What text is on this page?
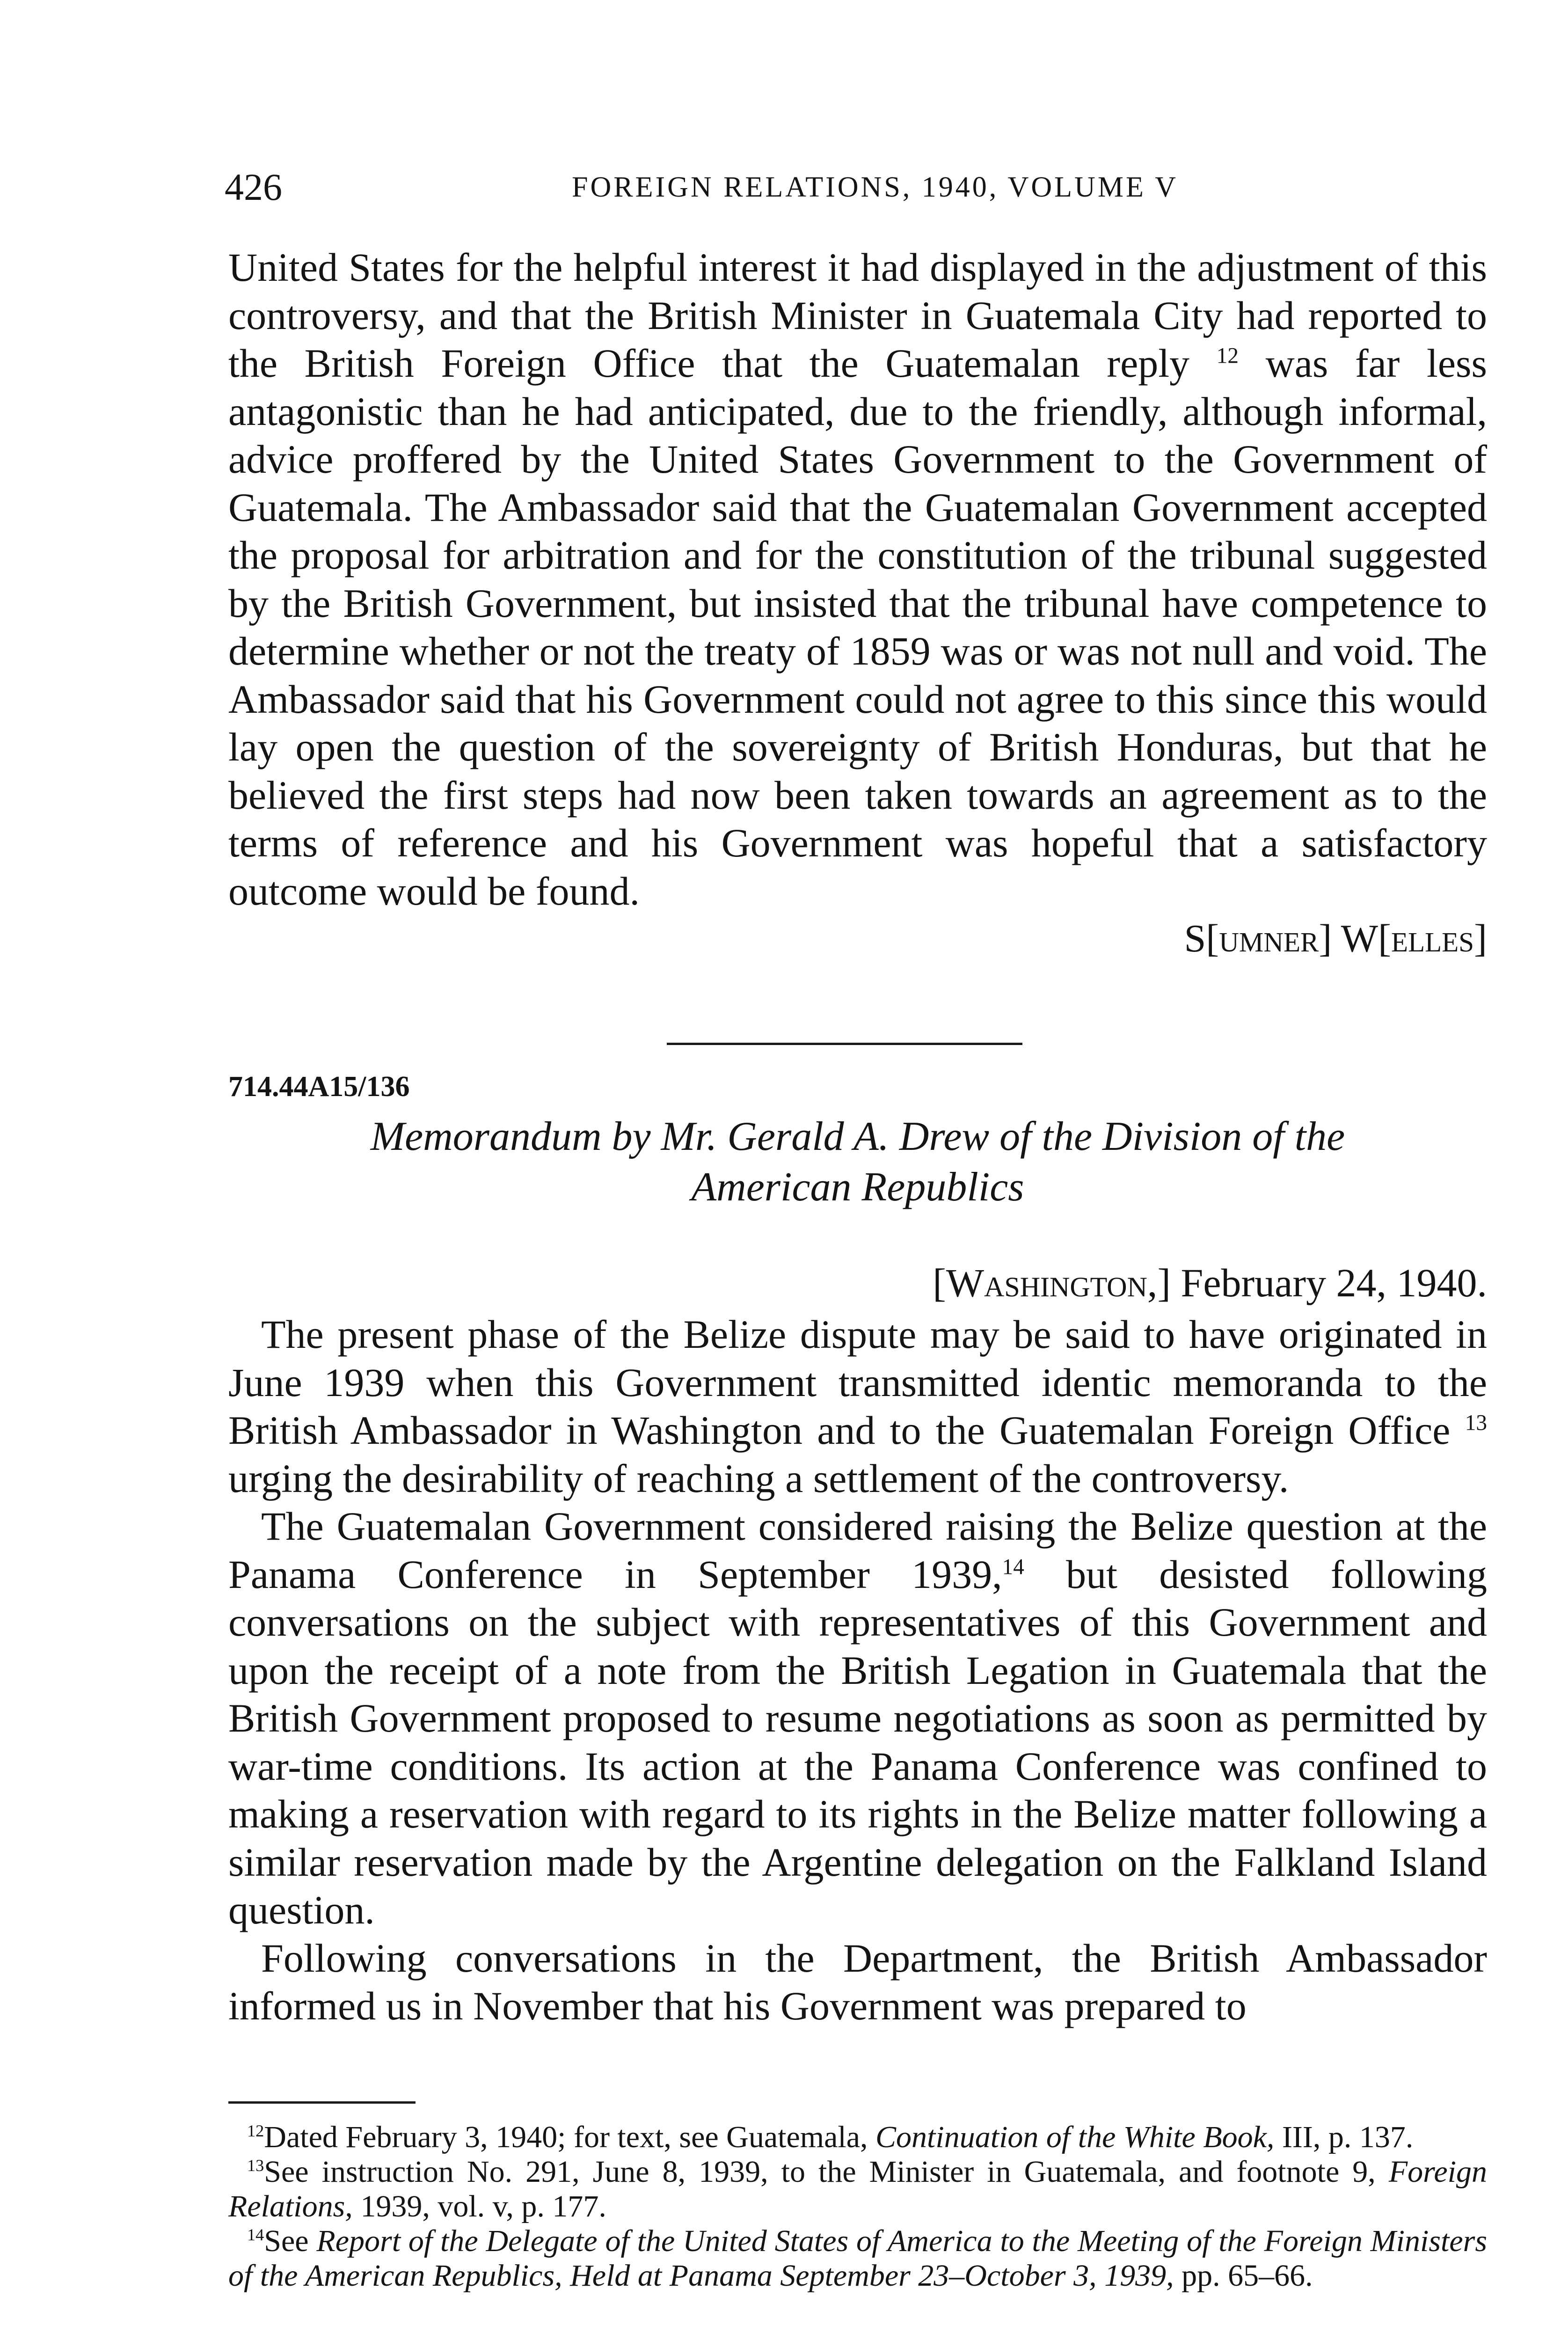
426	FOREIGN RELATIONS, 1940, VOLUME V

United States for the helpful interest it had displayed in the adjustment of this controversy, and that the British Minister in Guatemala City had reported to the British Foreign Office that the Guatemalan reply $^{12}$ was far less antagonistic than he had anticipated, due to the friendly, although informal, advice proffered by the United States Government to the Government of Guatemala. The Ambassador said that the Guatemalan Government accepted the proposal for arbitration and for the constitution of the tribunal suggested by the British Government, but insisted that the tribunal have competence to determine whether or not the treaty of 1859 was or was not null and void. The Ambassador said that his Government could not agree to this since this would lay open the question of the sovereignty of British Honduras, but that he believed the first steps had now been taken towards an agreement as to the terms of reference and his Government was hopeful that a satisfactory outcome would be found.

S[umner] W[elles]
714.44A15/136
Memorandum by Mr. Gerald A. Drew of the Division of the
American Republics
[Washington,] February 24, 1940.

The present phase of the Belize dispute may be said to have originated in June 1939 when this Government transmitted identic memoranda to the British Ambassador in Washington and to the Guatemalan Foreign Office $^{13}$ urging the desirability of reaching a settlement of the controversy.

The Guatemalan Government considered raising the Belize question at the Panama Conference in September 1939,14 but desisted following conversations on the subject with representatives of this Government and upon the receipt of a note from the British Legation in Guatemala that the British Government proposed to resume negotiations as soon as permitted by war-time conditions. Its action at the Panama Conference was confined to making a reservation with regard to its rights in the Belize matter following a similar reservation made by the Argentine delegation on the Falkland Island question.

Following conversations in the Department, the British Ambassador informed us in November that his Government was prepared to

$^{12}$Dated February 3, 1940; for text, see Guatemala, Continuation of the White Book, III, p. 137.

$^{13}$See instruction No. 291, June 8, 1939, to the Minister in Guatemala, and footnote 9, Foreign Relations, 1939, vol. v, p. 177.

$^{14}$See Report of the Delegate of the United States of America to the Meeting of the Foreign Ministers of the American Republics, Held at Panama September 23–October 3, 1939, pp. 65–66.
